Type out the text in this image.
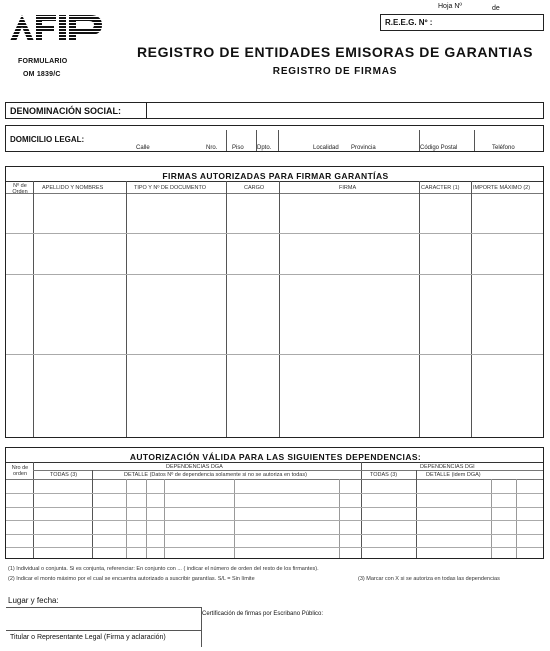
FORMULARIO
OM 1839/C
Hoja Nº	de
R.E.E.G. Nº :
REGISTRO DE ENTIDADES EMISORAS DE GARANTIAS
REGISTRO DE FIRMAS
DENOMINACIÓN SOCIAL:
DOMICILIO LEGAL:
Calle	Nro. Piso Dpto.	Localidad Provincia	Código Postal	Teléfono
FIRMAS AUTORIZADAS PARA FIRMAR GARANTÍAS
Nº de Orden
APELLIDO Y NOMBRES	TIPO Y Nº DE DOCUMENTO	CARGO	FIRMA	CARACTER (1) IMPORTE MÁXIMO (2)
AUTORIZACIÓN VÁLIDA PARA LAS SIGUIENTES DEPENDENCIAS:
Nro de orden
DEPENDENCIAS DGA	DEPENDENCIAS DGI
TODAS (3)	DETALLE (Datos Nº de dependencia solamente si no se autoriza en todas)	TODAS (3)	DETALLE (idem DGA)
(1) Individual o conjunta. Si es conjunta, referenciar: En conjunto con ... ( indicar el número de orden del resto de los firmantes).
(2) Indicar el monto máximo por el cual se encuentra autorizado a suscribir garantías. S/L = Sin límite	(3) Marcar con X si se autoriza en todas las dependencias
Lugar y fecha:
Certificación de firmas por Escribano Público:
Titular o Representante Legal (Firma y aclaración)
